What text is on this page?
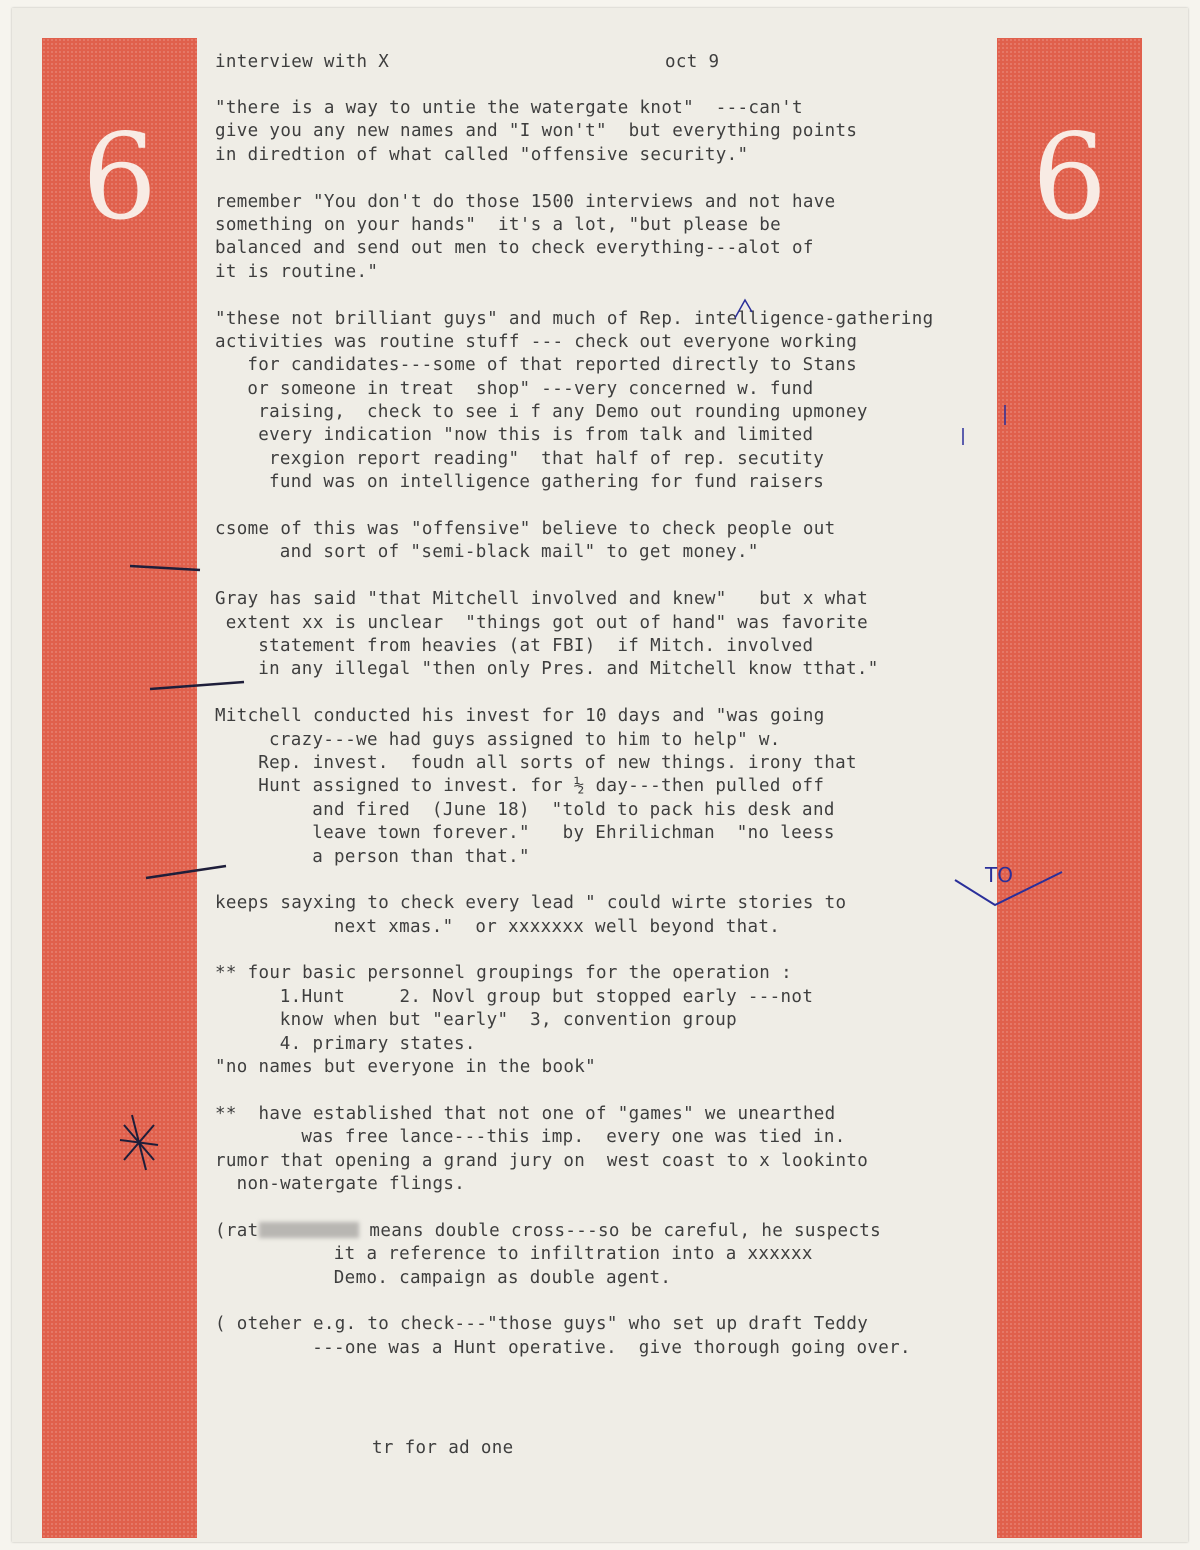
6	6
interview with X	oct 9
"there is a way to untie the watergate knot"  ---can't
give you any new names and "I won't"  but everything points
in diredtion of what called "offensive security."
remember "You don't do those 1500 interviews and not have
something on your hands"  it's a lot, "but please be
balanced and send out men to check everything---alot of
it is routine."
"these not brilliant guys" and much of Rep. intelligence-gathering
activities was routine stuff --- check out everyone working
for candidates---some of that reported directly to Stans
or someone in treat  shop" ---very concerned w. fund
raising,  check to see i f any Demo out rounding upmoney
every indication "now this is from talk and limited
rexgion report reading"  that half of rep. secutity
fund was on intelligence gathering for fund raisers
csome of this was "offensive" believe to check people out
and sort of "semi-black mail" to get money."
Gray has said "that Mitchell involved and knew"   but x what
extent xx is unclear  "things got out of hand" was favorite
statement from heavies (at FBI)  if Mitch. involved
in any illegal "then only Pres. and Mitchell know tthat."
Mitchell conducted his invest for 10 days and "was going
crazy---we had guys assigned to him to help" w.
Rep. invest.  foudn all sorts of new things. irony that
Hunt assigned to invest. for ½ day---then pulled off
and fired  (June 18)  "told to pack his desk and
leave town forever."   by Ehrilichman  "no leess
a person than that."
keeps sayxing to check every lead " could wirte stories to
next xmas."  or xxxxxxx well beyond that.
** four basic personnel groupings for the operation :
1.Hunt     2. Novl group but stopped early ---not
know when but "early"  3, convention group
4. primary states.
"no names but everyone in the book"
**  have established that not one of "games" we unearthed
was free lance---this imp.  every one was tied in.
rumor that opening a grand jury on  west coast to x lookinto
non-watergate flings.
(rat	means double cross---so be careful, he suspects
it a reference to infiltration into a xxxxxx
Demo. campaign as double agent.
( oteher e.g. to check---"those guys" who set up draft Teddy
---one was a Hunt operative.  give thorough going over.
tr for ad one
TO
